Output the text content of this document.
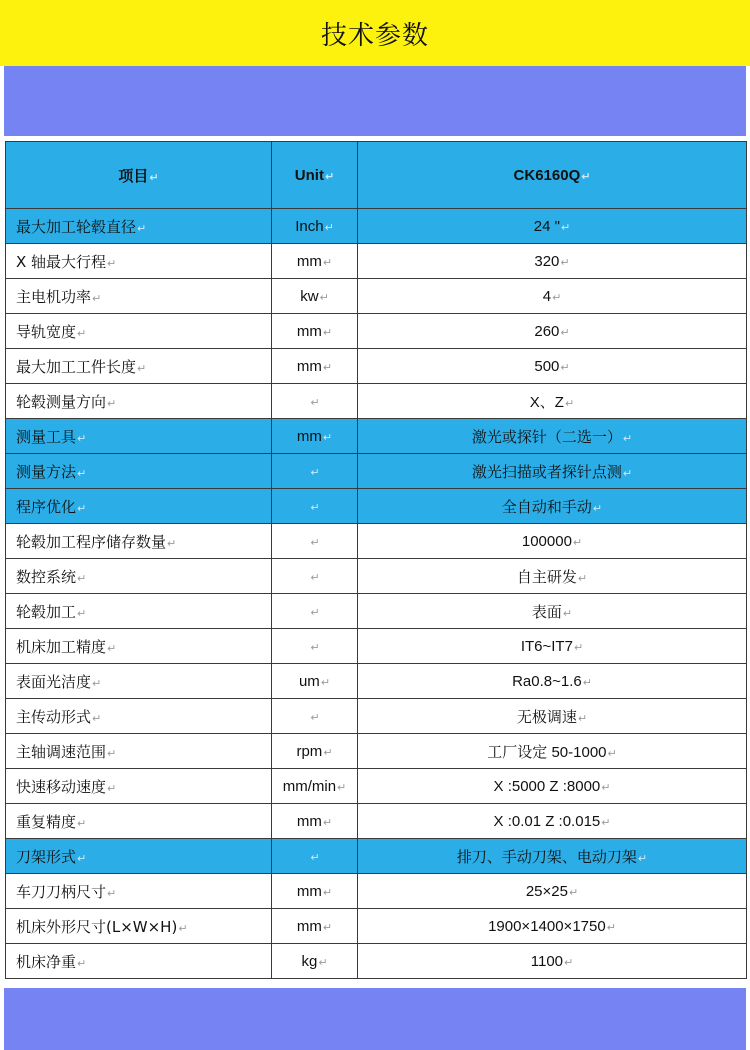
技术参数
项目↵	Unit↵	CK6160Q↵
最大加工轮毂直径↵	Inch↵	24 "↵
X 轴最大行程↵	mm↵	320↵
主电机功率↵	kw↵	4↵
导轨宽度↵	mm↵	260↵
最大加工工件长度↵	mm↵	500↵
轮毂测量方向↵	↵	X、Z↵
测量工具↵	mm↵	激光或探针（二选一）↵
测量方法↵	↵	激光扫描或者探针点测↵
程序优化↵	↵	全自动和手动↵
轮毂加工程序储存数量↵	↵	100000↵
数控系统↵	↵	自主研发↵
轮毂加工↵	↵	表面↵
机床加工精度↵	↵	IT6~IT7↵
表面光洁度↵	um↵	Ra0.8~1.6↵
主传动形式↵	↵	无极调速↵
主轴调速范围↵	rpm↵	工厂设定 50-1000↵
快速移动速度↵	mm/min↵	X :5000 Z :8000↵
重复精度↵	mm↵	X :0.01 Z :0.015↵
刀架形式↵	↵	排刀、手动刀架、电动刀架↵
车刀刀柄尺寸↵	mm↵	25×25↵
机床外形尺寸(L×W×H)↵	mm↵	1900×1400×1750↵
机床净重↵	kg↵	1100↵
